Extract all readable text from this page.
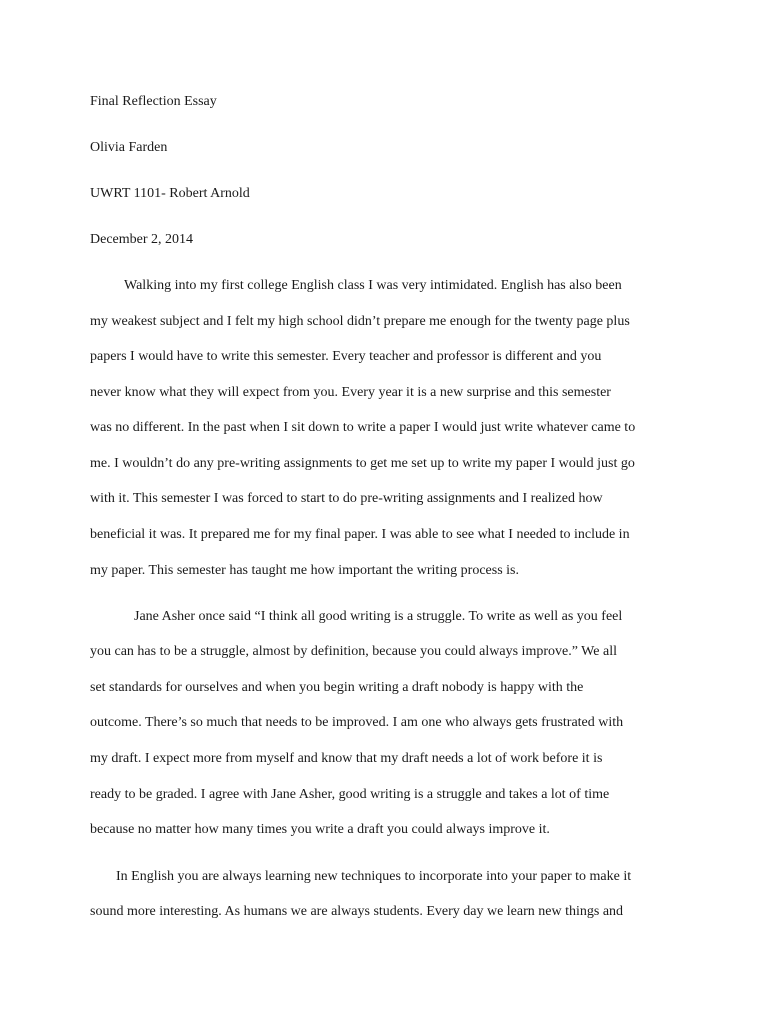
Final Reflection Essay
Olivia Farden
UWRT 1101- Robert Arnold
December 2, 2014
Walking into my first college English class I was very intimidated. English has also been
my weakest subject and I felt my high school didn’t prepare me enough for the twenty page plus
papers I would have to write this semester. Every teacher and professor is different and you
never know what they will expect from you. Every year it is a new surprise and this semester
was no different. In the past when I sit down to write a paper I would just write whatever came to
me. I wouldn’t do any pre-writing assignments to get me set up to write my paper I would just go
with it. This semester I was forced to start to do pre-writing assignments and I realized how
beneficial it was. It prepared me for my final paper. I was able to see what I needed to include in
my paper. This semester has taught me how important the writing process is.
Jane Asher once said “I think all good writing is a struggle. To write as well as you feel
you can has to be a struggle, almost by definition, because you could always improve.” We all
set standards for ourselves and when you begin writing a draft nobody is happy with the
outcome. There’s so much that needs to be improved. I am one who always gets frustrated with
my draft. I expect more from myself and know that my draft needs a lot of work before it is
ready to be graded. I agree with Jane Asher, good writing is a struggle and takes a lot of time
because no matter how many times you write a draft you could always improve it.
In English you are always learning new techniques to incorporate into your paper to make it
sound more interesting. As humans we are always students. Every day we learn new things and
